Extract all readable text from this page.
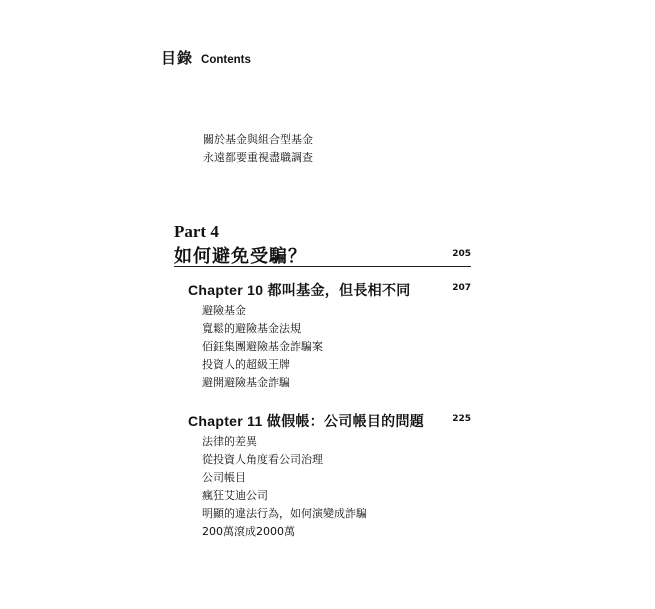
目錄 Contents
關於基金與組合型基金
永遠都要重視盡職調查
Part 4
如何避免受騙？	205
Chapter 10 都叫基金，但長相不同	207
避險基金
寬鬆的避險基金法規
佰鈺集團避險基金詐騙案
投資人的超級王牌
避開避險基金詐騙
Chapter 11 做假帳：公司帳目的問題	225
法律的差異
從投資人角度看公司治理
公司帳目
瘋狂艾迪公司
明顯的違法行為，如何演變成詐騙
200萬滾成2000萬
